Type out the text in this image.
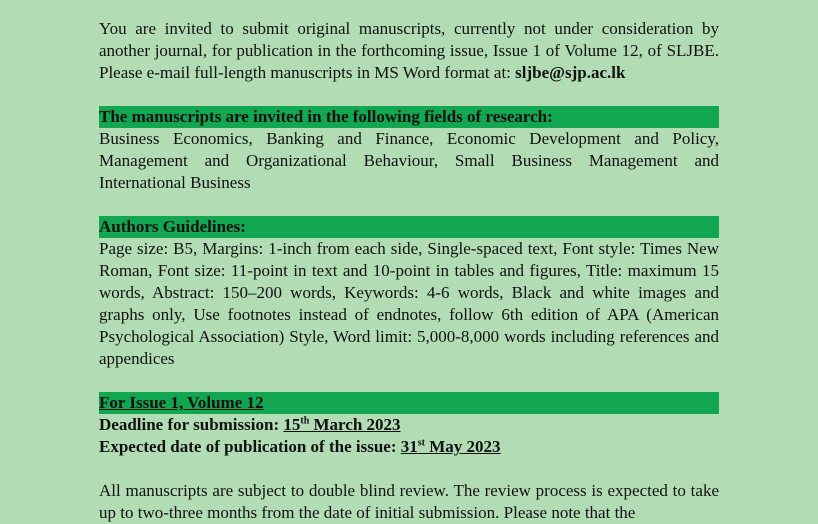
You are invited to submit original manuscripts, currently not under consideration by another journal, for publication in the forthcoming issue, Issue 1 of Volume 12, of SLJBE. Please e-mail full-length manuscripts in MS Word format at: sljbe@sjp.ac.lk

The manuscripts are invited in the following fields of research:

Business Economics, Banking and Finance, Economic Development and Policy, Management and Organizational Behaviour, Small Business Management and International Business

Authors Guidelines:

Page size: B5, Margins: 1-inch from each side, Single-spaced text, Font style: Times New Roman, Font size: 11-point in text and 10-point in tables and figures, Title: maximum 15 words, Abstract: 150–200 words, Keywords: 4-6 words, Black and white images and graphs only, Use footnotes instead of endnotes, follow 6th edition of APA (American Psychological Association) Style, Word limit: 5,000-8,000 words including references and appendices

For Issue 1, Volume 12

Deadline for submission: 15th March 2023

Expected date of publication of the issue: 31st May 2023

All manuscripts are subject to double blind review. The review process is expected to take up to two-three months from the date of initial submission. Please note that the
